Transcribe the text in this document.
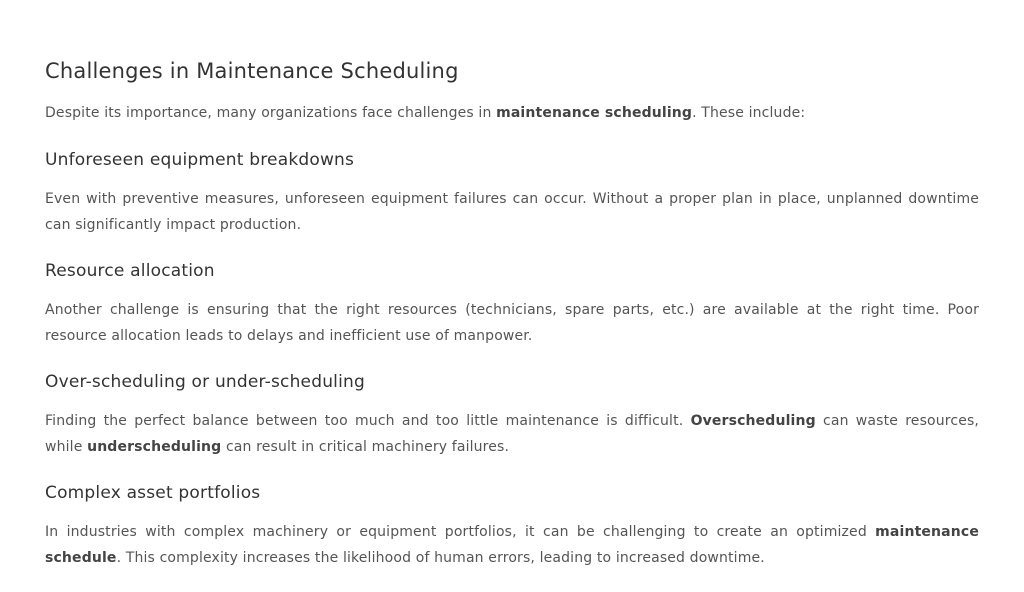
Challenges in Maintenance Scheduling

Despite its importance, many organizations face challenges in maintenance scheduling. These include:

Unforeseen equipment breakdowns

Even with preventive measures, unforeseen equipment failures can occur. Without a proper plan in place, unplanned downtime can significantly impact production.

Resource allocation

Another challenge is ensuring that the right resources (technicians, spare parts, etc.) are available at the right time. Poor resource allocation leads to delays and inefficient use of manpower.

Over-scheduling or under-scheduling

Finding the perfect balance between too much and too little maintenance is difficult. Overscheduling can waste resources, while underscheduling can result in critical machinery failures.

Complex asset portfolios

In industries with complex machinery or equipment portfolios, it can be challenging to create an optimized maintenance schedule. This complexity increases the likelihood of human errors, leading to increased downtime.
